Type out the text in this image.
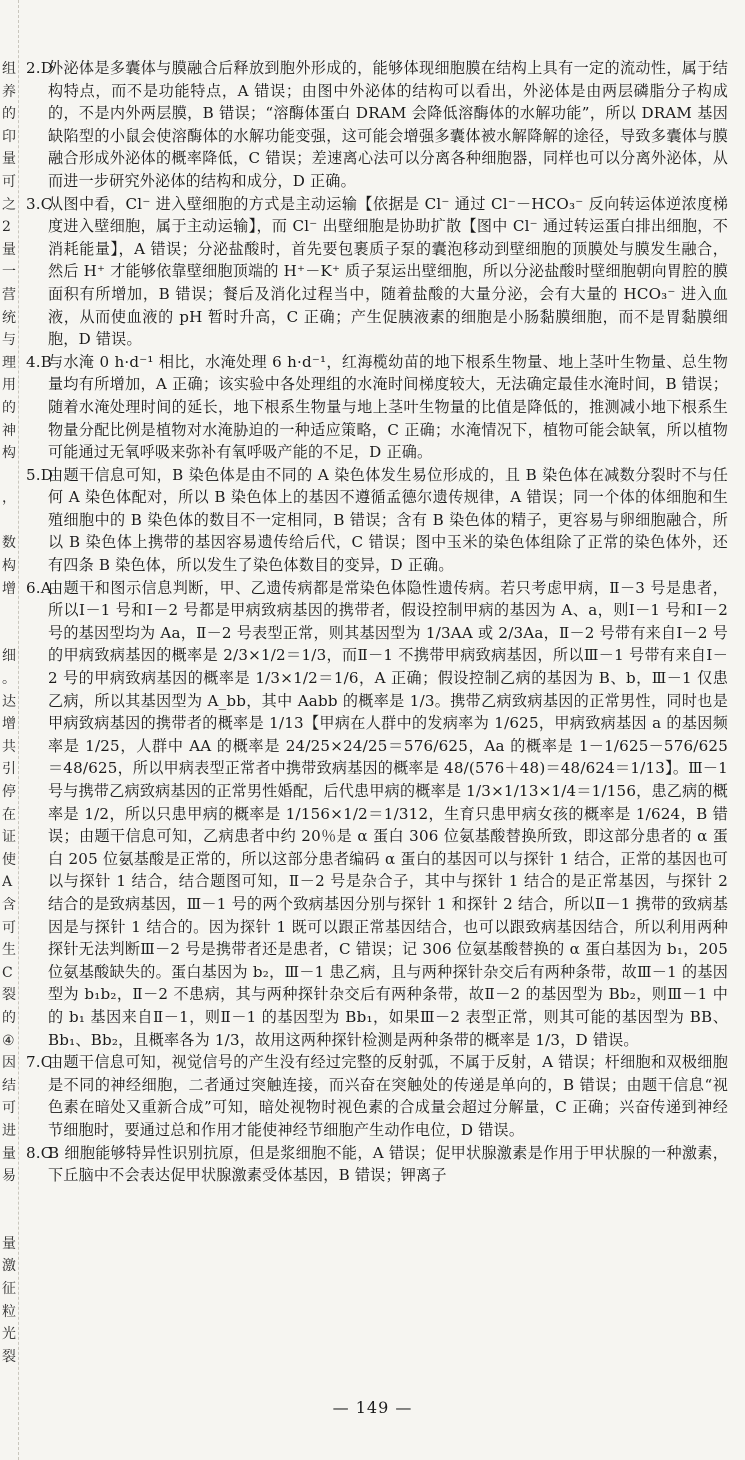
组
养
的
印
量
可
之
2
量
一
营
统
与
理
用
的
神
构
，
数
构
增
细
。
达
增
共
引
停
在
证
使
A
含
可
生
C
裂
的
④
因
结
可
进
量
易
量
激
征
粒
光
裂
2.D

外泌体是多囊体与膜融合后释放到胞外形成的，能够体现细胞膜在结构上具有一定的流动性，属于结构特点，而不是功能特点，A 错误；由图中外泌体的结构可以看出，外泌体是由两层磷脂分子构成的，不是内外两层膜，B 错误；“溶酶体蛋白 DRAM 会降低溶酶体的水解功能”，所以 DRAM 基因缺陷型的小鼠会使溶酶体的水解功能变强，这可能会增强多囊体被水解降解的途径，导致多囊体与膜融合形成外泌体的概率降低，C 错误；差速离心法可以分离各种细胞器，同样也可以分离外泌体，从而进一步研究外泌体的结构和成分，D 正确。

3.C

从图中看，Cl⁻ 进入壁细胞的方式是主动运输【依据是 Cl⁻ 通过 Cl⁻－HCO₃⁻ 反向转运体逆浓度梯度进入壁细胞，属于主动运输】，而 Cl⁻ 出壁细胞是协助扩散【图中 Cl⁻ 通过转运蛋白排出细胞，不消耗能量】，A 错误；分泌盐酸时，首先要包裹质子泵的囊泡移动到壁细胞的顶膜处与膜发生融合，然后 H⁺ 才能够依靠壁细胞顶端的 H⁺－K⁺ 质子泵运出壁细胞，所以分泌盐酸时壁细胞朝向胃腔的膜面积有所增加，B 错误；餐后及消化过程当中，随着盐酸的大量分泌，会有大量的 HCO₃⁻ 进入血液，从而使血液的 pH 暂时升高，C 正确；产生促胰液素的细胞是小肠黏膜细胞，而不是胃黏膜细胞，D 错误。

4.B

与水淹 0 h·d⁻¹ 相比，水淹处理 6 h·d⁻¹，红海榄幼苗的地下根系生物量、地上茎叶生物量、总生物量均有所增加，A 正确；该实验中各处理组的水淹时间梯度较大，无法确定最佳水淹时间，B 错误；随着水淹处理时间的延长，地下根系生物量与地上茎叶生物量的比值是降低的，推测减小地下根系生物量分配比例是植物对水淹胁迫的一种适应策略，C 正确；水淹情况下，植物可能会缺氧，所以植物可能通过无氧呼吸来弥补有氧呼吸产能的不足，D 正确。

5.D

由题干信息可知，B 染色体是由不同的 A 染色体发生易位形成的，且 B 染色体在减数分裂时不与任何 A 染色体配对，所以 B 染色体上的基因不遵循孟德尔遗传规律，A 错误；同一个体的体细胞和生殖细胞中的 B 染色体的数目不一定相同，B 错误；含有 B 染色体的精子，更容易与卵细胞融合，所以 B 染色体上携带的基因容易遗传给后代，C 错误；图中玉米的染色体组除了正常的染色体外，还有四条 B 染色体，所以发生了染色体数目的变异，D 正确。

6.A

由题干和图示信息判断，甲、乙遗传病都是常染色体隐性遗传病。若只考虑甲病，Ⅱ－3 号是患者，所以Ⅰ－1 号和Ⅰ－2 号都是甲病致病基因的携带者，假设控制甲病的基因为 A、a，则Ⅰ－1 号和Ⅰ－2 号的基因型均为 Aa，Ⅱ－2 号表型正常，则其基因型为 1/3AA 或 2/3Aa，Ⅱ－2 号带有来自Ⅰ－2 号的甲病致病基因的概率是 2/3×1/2＝1/3，而Ⅱ－1 不携带甲病致病基因，所以Ⅲ－1 号带有来自Ⅰ－2 号的甲病致病基因的概率是 1/3×1/2＝1/6，A 正确；假设控制乙病的基因为 B、b，Ⅲ－1 仅患乙病，所以其基因型为 A_bb，其中 Aabb 的概率是 1/3。携带乙病致病基因的正常男性，同时也是甲病致病基因的携带者的概率是 1/13【甲病在人群中的发病率为 1/625，甲病致病基因 a 的基因频率是 1/25，人群中 AA 的概率是 24/25×24/25＝576/625，Aa 的概率是 1－1/625－576/625＝48/625，所以甲病表型正常者中携带致病基因的概率是 48/(576＋48)＝48/624＝1/13】。Ⅲ－1 号与携带乙病致病基因的正常男性婚配，后代患甲病的概率是 1/3×1/13×1/4＝1/156，患乙病的概率是 1/2，所以只患甲病的概率是 1/156×1/2＝1/312，生育只患甲病女孩的概率是 1/624，B 错误；由题干信息可知，乙病患者中约 20％是 α 蛋白 306 位氨基酸替换所致，即这部分患者的 α 蛋白 205 位氨基酸是正常的，所以这部分患者编码 α 蛋白的基因可以与探针 1 结合，正常的基因也可以与探针 1 结合，结合题图可知，Ⅱ－2 号是杂合子，其中与探针 1 结合的是正常基因，与探针 2 结合的是致病基因，Ⅲ－1 号的两个致病基因分别与探针 1 和探针 2 结合，所以Ⅱ－1 携带的致病基因是与探针 1 结合的。因为探针 1 既可以跟正常基因结合，也可以跟致病基因结合，所以利用两种探针无法判断Ⅲ－2 号是携带者还是患者，C 错误；记 306 位氨基酸替换的 α 蛋白基因为 b₁，205 位氨基酸缺失的。蛋白基因为 b₂，Ⅲ－1 患乙病，且与两种探针杂交后有两种条带，故Ⅲ－1 的基因型为 b₁b₂，Ⅱ－2 不患病，其与两种探针杂交后有两种条带，故Ⅱ－2 的基因型为 Bb₂，则Ⅲ－1 中的 b₁ 基因来自Ⅱ－1，则Ⅱ－1 的基因型为 Bb₁，如果Ⅲ－2 表型正常，则其可能的基因型为 BB、Bb₁、Bb₂，且概率各为 1/3，故用这两种探针检测是两种条带的概率是 1/3，D 错误。

7.C

由题干信息可知，视觉信号的产生没有经过完整的反射弧，不属于反射，A 错误；杆细胞和双极细胞是不同的神经细胞，二者通过突触连接，而兴奋在突触处的传递是单向的，B 错误；由题干信息“视色素在暗处又重新合成”可知，暗处视物时视色素的合成量会超过分解量，C 正确；兴奋传递到神经节细胞时，要通过总和作用才能使神经节细胞产生动作电位，D 错误。

8.C

B 细胞能够特异性识别抗原，但是浆细胞不能，A 错误；促甲状腺激素是作用于甲状腺的一种激素，下丘脑中不会表达促甲状腺激素受体基因，B 错误；钾离子

— 149 —
